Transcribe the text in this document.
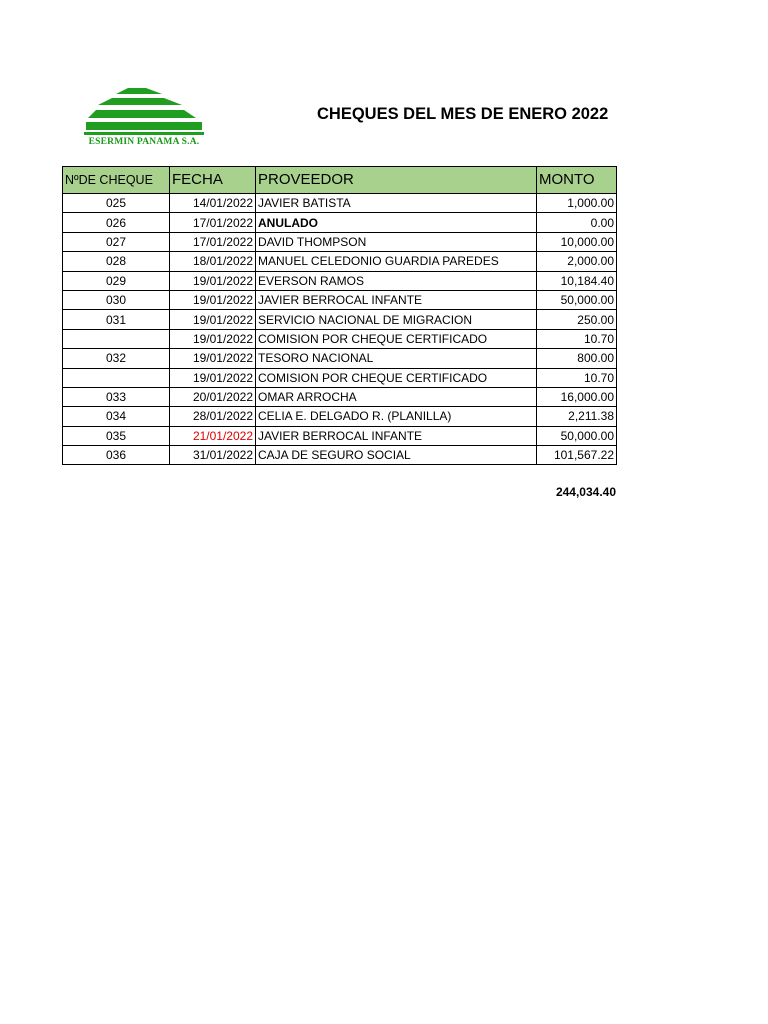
ESERMIN PANAMA S.A.
CHEQUES DEL MES DE ENERO 2022
NºDE CHEQUE	FECHA	PROVEEDOR	MONTO
025	14/01/2022	JAVIER BATISTA	1,000.00
026	17/01/2022	ANULADO	0.00
027	17/01/2022	DAVID THOMPSON	10,000.00
028	18/01/2022	MANUEL CELEDONIO GUARDIA PAREDES	2,000.00
029	19/01/2022	EVERSON RAMOS	10,184.40
030	19/01/2022	JAVIER BERROCAL INFANTE	50,000.00
031	19/01/2022	SERVICIO NACIONAL DE MIGRACION	250.00
	19/01/2022	COMISION POR CHEQUE CERTIFICADO	10.70
032	19/01/2022	TESORO NACIONAL	800.00
	19/01/2022	COMISION POR CHEQUE CERTIFICADO	10.70
033	20/01/2022	OMAR ARROCHA	16,000.00
034	28/01/2022	CELIA E. DELGADO R. (PLANILLA)	2,211.38
035	21/01/2022	JAVIER BERROCAL INFANTE	50,000.00
036	31/01/2022	CAJA DE SEGURO SOCIAL	101,567.22
244,034.40
